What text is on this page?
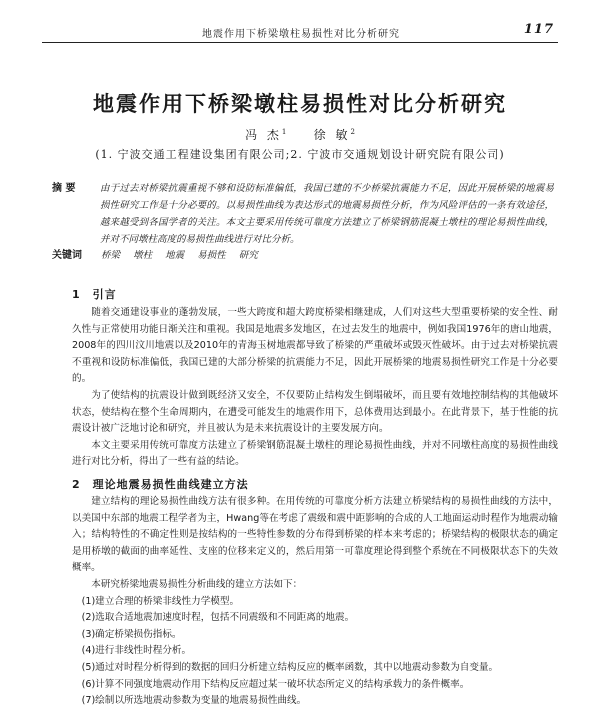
地震作用下桥梁墩柱易损性对比分析研究	117
地震作用下桥梁墩柱易损性对比分析研究
冯 杰$^1$ 徐 敏$^2$
(1. 宁波交通工程建设集团有限公司;2. 宁波市交通规划设计研究院有限公司)
摘 要	由于过去对桥梁抗震重视不够和设防标准偏低，我国已建的不少桥梁抗震能力不足，因此开展桥梁的地震易损性研究工作是十分必要的。以易损性曲线为表达形式的地震易损性分析，作为风险评估的一条有效途径，越来越受到各国学者的关注。本文主要采用传统可靠度方法建立了桥梁钢筋混凝土墩柱的理论易损性曲线，并对不同墩柱高度的易损性曲线进行对比分析。
关键词 桥梁 墩柱 地震 易损性 研究
1 引言

随着交通建设事业的蓬勃发展，一些大跨度和超大跨度桥梁相继建成，人们对这些大型重要桥梁的安全性、耐久性与正常使用功能日渐关注和重视。我国是地震多发地区，在过去发生的地震中，例如我国1976年的唐山地震，2008年的四川汶川地震以及2010年的青海玉树地震都导致了桥梁的严重破坏或毁灭性破坏。由于过去对桥梁抗震不重视和设防标准偏低，我国已建的大部分桥梁的抗震能力不足，因此开展桥梁的地震易损性研究工作是十分必要的。

为了使结构的抗震设计做到既经济又安全，不仅要防止结构发生倒塌破坏，而且要有效地控制结构的其他破坏状态，使结构在整个生命周期内，在遭受可能发生的地震作用下，总体费用达到最小。在此背景下，基于性能的抗震设计被广泛地讨论和研究，并且被认为是未来抗震设计的主要发展方向。

本文主要采用传统可靠度方法建立了桥梁钢筋混凝土墩柱的理论易损性曲线，并对不同墩柱高度的易损性曲线进行对比分析，得出了一些有益的结论。

2 理论地震易损性曲线建立方法

建立结构的理论易损性曲线方法有很多种。在用传统的可靠度分析方法建立桥梁结构的易损性曲线的方法中，以美国中东部的地震工程学者为主，Hwang等在考虑了震级和震中距影响的合成的人工地面运动时程作为地震动输入；结构特性的不确定性则是按结构的一些特性参数的分布得到桥梁的样本来考虑的；桥梁结构的极限状态的确定是用桥墩的截面的曲率延性、支座的位移来定义的，然后用第一可靠度理论得到整个系统在不同极限状态下的失效概率。

本研究桥梁地震易损性分析曲线的建立方法如下：

(1)建立合理的桥梁非线性力学模型。
(2)选取合适地震加速度时程，包括不同震级和不同距离的地震。
(3)确定桥梁损伤指标。
(4)进行非线性时程分析。
(5)通过对时程分析得到的数据的回归分析建立结构反应的概率函数，其中以地震动参数为自变量。
(6)计算不同强度地震动作用下结构反应超过某一破坏状态所定义的结构承载力的条件概率。
(7)绘制以所选地震动参数为变量的地震易损性曲线。
